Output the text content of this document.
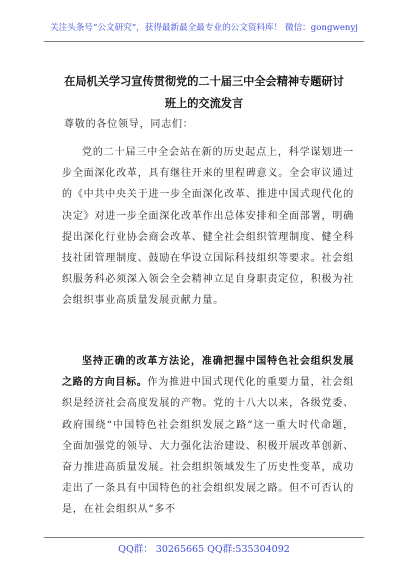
关注头条号“公文研究”，获得最新最全最专业的公文资料库！ 微信：gongwenyj
在局机关学习宣传贯彻党的二十届三中全会精神专题研讨
班上的交流发言
尊敬的各位领导，同志们：
党的二十届三中全会站在新的历史起点上，科学谋划进一步全面深化改革，具有继往开来的里程碑意义。全会审议通过的《中共中央关于进一步全面深化改革、推进中国式现代化的决定》对进一步全面深化改革作出总体安排和全面部署，明确提出深化行业协会商会改革、健全社会组织管理制度、健全科技社团管理制度、鼓励在华设立国际科技组织等要求。社会组织服务科必须深入领会全会精神立足自身职责定位，积极为社会组织事业高质量发展贡献力量。
坚持正确的改革方法论，准确把握中国特色社会组织发展之路的方向目标。作为推进中国式现代化的重要力量，社会组织是经济社会高度发展的产物。党的十八大以来，各级党委、政府围绕“中国特色社会组织发展之路”这一重大时代命题，全面加强党的领导、大力强化法治建设、积极开展改革创新、奋力推进高质量发展。社会组织领域发生了历史性变革，成功走出了一条具有中国特色的社会组织发展之路。但不可否认的是，在社会组织从“多不
QQ群： 30265665 QQ群:535304092
